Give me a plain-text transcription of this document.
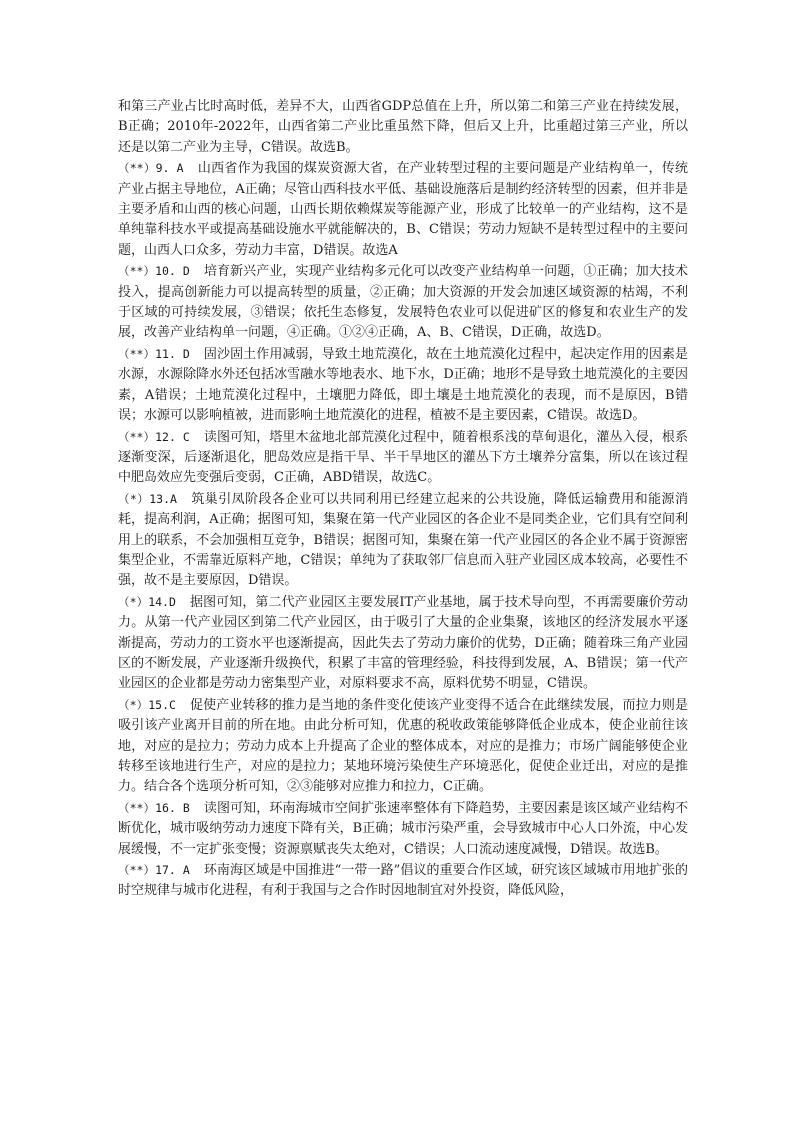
和第三产业占比时高时低，差异不大，山西省GDP总值在上升，所以第二和第三产业在持续发展，B正确；2010年-2022年，山西省第二产业比重虽然下降，但后又上升，比重超过第三产业，所以还是以第二产业为主导，C错误。故选B。

（**）9. A 山西省作为我国的煤炭资源大省，在产业转型过程的主要问题是产业结构单一，传统产业占据主导地位，A正确；尽管山西科技水平低、基础设施落后是制约经济转型的因素，但并非是主要矛盾和山西的核心问题，山西长期依赖煤炭等能源产业，形成了比较单一的产业结构，这不是单纯靠科技水平或提高基础设施水平就能解决的，B、C错误；劳动力短缺不是转型过程中的主要问题，山西人口众多，劳动力丰富，D错误。故选A

（**）10. D 培育新兴产业，实现产业结构多元化可以改变产业结构单一问题，①正确；加大技术投入，提高创新能力可以提高转型的质量，②正确；加大资源的开发会加速区域资源的枯竭，不利于区域的可持续发展，③错误；依托生态修复，发展特色农业可以促进矿区的修复和农业生产的发展，改善产业结构单一问题，④正确。①②④正确，A、B、C错误，D正确，故选D。

（**）11. D 固沙固土作用减弱，导致土地荒漠化，故在土地荒漠化过程中，起决定作用的因素是水源，水源除降水外还包括冰雪融水等地表水、地下水，D正确；地形不是导致土地荒漠化的主要因素，A错误；土地荒漠化过程中，土壤肥力降低，即土壤是土地荒漠化的表现，而不是原因，B错误；水源可以影响植被，进而影响土地荒漠化的进程，植被不是主要因素，C错误。故选D。

（**）12. C 读图可知，塔里木盆地北部荒漠化过程中，随着根系浅的草甸退化，灌丛入侵，根系逐渐变深，后逐渐退化，肥岛效应是指干旱、半干旱地区的灌丛下方土壤养分富集，所以在该过程中肥岛效应先变强后变弱，C正确，ABD错误，故选C。

（*）13.A 筑巢引凤阶段各企业可以共同利用已经建立起来的公共设施，降低运输费用和能源消耗，提高利润，A正确；据图可知，集聚在第一代产业园区的各企业不是同类企业，它们具有空间利用上的联系，不会加强相互竞争，B错误；据图可知，集聚在第一代产业园区的各企业不属于资源密集型企业，不需靠近原料产地，C错误；单纯为了获取邻厂信息而入驻产业园区成本较高，必要性不强，故不是主要原因，D错误。

（*）14.D 据图可知，第二代产业园区主要发展IT产业基地，属于技术导向型，不再需要廉价劳动力。从第一代产业园区到第二代产业园区，由于吸引了大量的企业集聚，该地区的经济发展水平逐渐提高，劳动力的工资水平也逐渐提高，因此失去了劳动力廉价的优势，D正确；随着珠三角产业园区的不断发展，产业逐渐升级换代，积累了丰富的管理经验，科技得到发展，A、B错误；第一代产业园区的企业都是劳动力密集型产业，对原料要求不高，原料优势不明显，C错误。

（*）15.C 促使产业转移的推力是当地的条件变化使该产业变得不适合在此继续发展，而拉力则是吸引该产业离开目前的所在地。由此分析可知，优惠的税收政策能够降低企业成本，使企业前往该地，对应的是拉力；劳动力成本上升提高了企业的整体成本，对应的是推力；市场广阔能够使企业转移至该地进行生产，对应的是拉力；某地环境污染使生产环境恶化，促使企业迁出，对应的是推力。结合各个选项分析可知，②③能够对应推力和拉力，C正确。

（**）16. B 读图可知，环南海城市空间扩张速率整体有下降趋势，主要因素是该区域产业结构不断优化，城市吸纳劳动力速度下降有关，B正确；城市污染严重，会导致城市中心人口外流，中心发展缓慢，不一定扩张变慢；资源禀赋丧失太绝对，C错误；人口流动速度减慢，D错误。故选B。

（**）17. A 环南海区域是中国推进“一带一路”倡议的重要合作区域，研究该区域城市用地扩张的时空规律与城市化进程，有利于我国与之合作时因地制宜对外投资，降低风险，
